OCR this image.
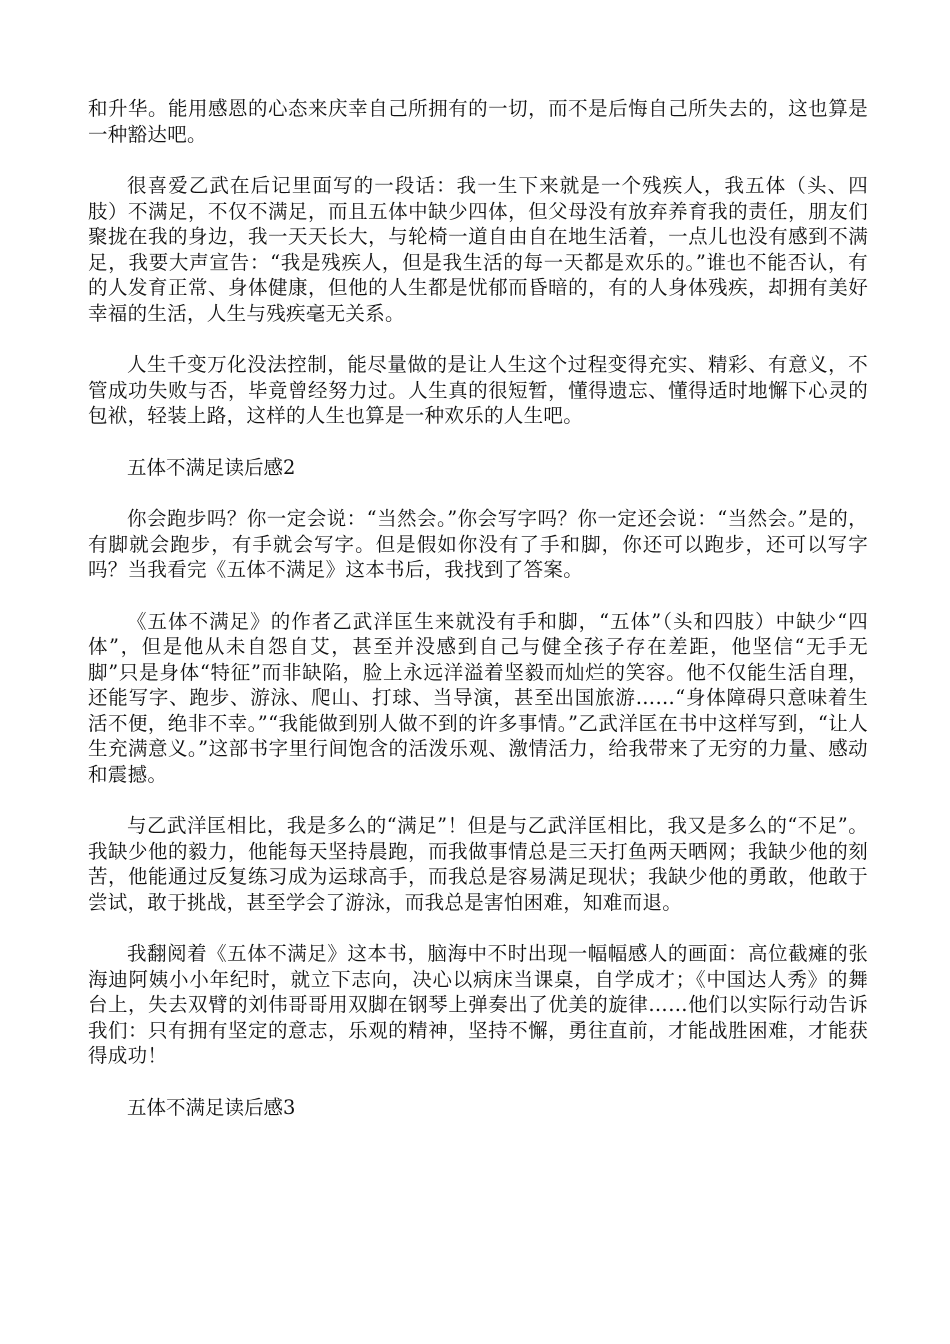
和升华。能用感恩的心态来庆幸自己所拥有的一切，而不是后悔自己所失去的，这也算是一种豁达吧。

很喜爱乙武在后记里面写的一段话：我一生下来就是一个残疾人，我五体（头、四肢）不满足，不仅不满足，而且五体中缺少四体，但父母没有放弃养育我的责任，朋友们聚拢在我的身边，我一天天长大，与轮椅一道自由自在地生活着，一点儿也没有感到不满足，我要大声宣告：“我是残疾人，但是我生活的每一天都是欢乐的。”谁也不能否认，有的人发育正常、身体健康，但他的人生都是忧郁而昏暗的，有的人身体残疾，却拥有美好幸福的生活，人生与残疾毫无关系。

人生千变万化没法控制，能尽量做的是让人生这个过程变得充实、精彩、有意义，不管成功失败与否，毕竟曾经努力过。人生真的很短暂，懂得遗忘、懂得适时地懈下心灵的包袱，轻装上路，这样的人生也算是一种欢乐的人生吧。

五体不满足读后感2

你会跑步吗？你一定会说：“当然会。”你会写字吗？你一定还会说：“当然会。”是的，有脚就会跑步，有手就会写字。但是假如你没有了手和脚，你还可以跑步，还可以写字吗？当我看完《五体不满足》这本书后，我找到了答案。

《五体不满足》的作者乙武洋匡生来就没有手和脚，“五体”（头和四肢）中缺少“四体”，但是他从未自怨自艾，甚至并没感到自己与健全孩子存在差距，他坚信“无手无脚”只是身体“特征”而非缺陷，脸上永远洋溢着坚毅而灿烂的笑容。他不仅能生活自理，还能写字、跑步、游泳、爬山、打球、当导演，甚至出国旅游……“身体障碍只意味着生活不便，绝非不幸。”“我能做到别人做不到的许多事情。”乙武洋匡在书中这样写到，“让人生充满意义。”这部书字里行间饱含的活泼乐观、激情活力，给我带来了无穷的力量、感动和震撼。

与乙武洋匡相比，我是多么的“满足”！但是与乙武洋匡相比，我又是多么的“不足”。我缺少他的毅力，他能每天坚持晨跑，而我做事情总是三天打鱼两天晒网；我缺少他的刻苦，他能通过反复练习成为运球高手，而我总是容易满足现状；我缺少他的勇敢，他敢于尝试，敢于挑战，甚至学会了游泳，而我总是害怕困难，知难而退。

我翻阅着《五体不满足》这本书，脑海中不时出现一幅幅感人的画面：高位截瘫的张海迪阿姨小小年纪时，就立下志向，决心以病床当课桌，自学成才；《中国达人秀》的舞台上，失去双臂的刘伟哥哥用双脚在钢琴上弹奏出了优美的旋律……他们以实际行动告诉我们：只有拥有坚定的意志，乐观的精神，坚持不懈，勇往直前，才能战胜困难，才能获得成功！

五体不满足读后感3
